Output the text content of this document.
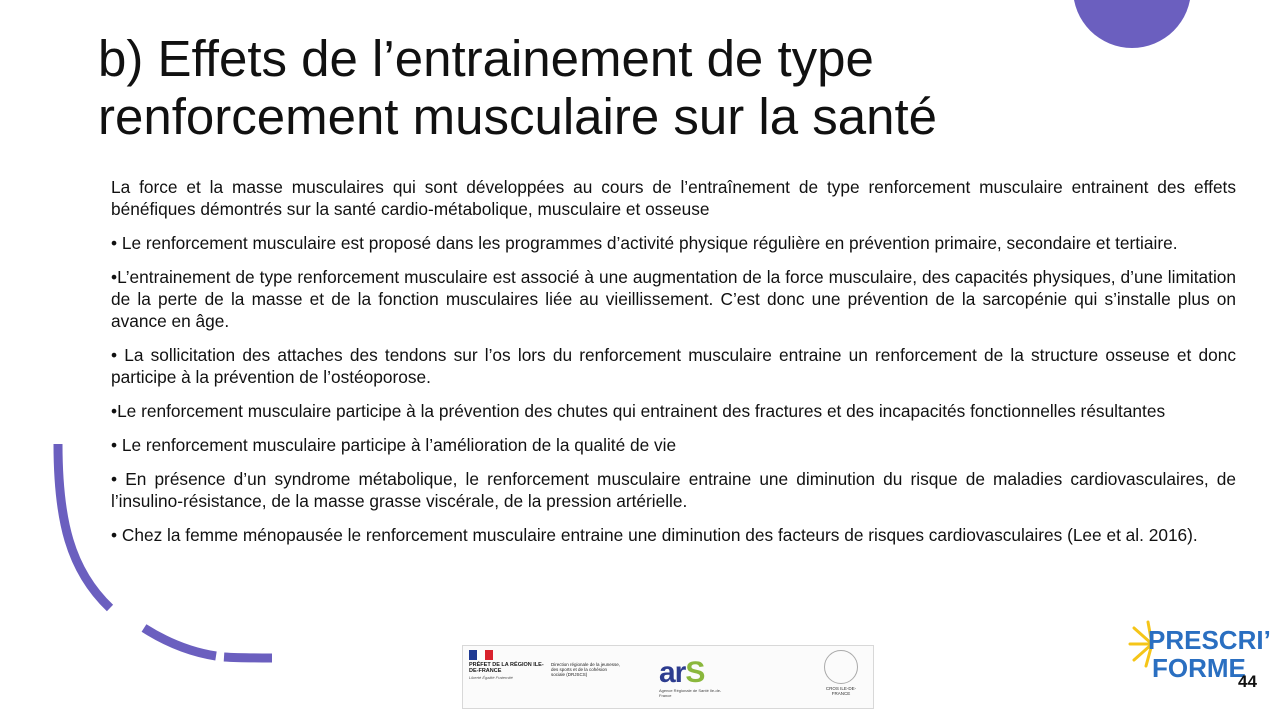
b) Effets de l’entrainement de type
renforcement musculaire sur la santé

La force et la masse musculaires qui sont développées au cours de l’entraînement de type renforcement musculaire entrainent des effets bénéfiques démontrés sur la santé cardio-métabolique, musculaire et osseuse

• Le renforcement musculaire est proposé dans les programmes d’activité physique régulière en prévention primaire, secondaire et tertiaire.

•L’entrainement de type renforcement musculaire est associé à une augmentation de la force musculaire, des capacités physiques, d’une limitation de la perte de la masse et de la fonction musculaires liée au vieillissement. C’est donc une prévention de la sarcopénie qui s’installe plus on avance en âge.

• La sollicitation des attaches des tendons sur l’os lors du renforcement musculaire entraine un renforcement de la structure osseuse et donc participe à la prévention de l’ostéoporose.

•Le renforcement musculaire participe à la prévention des chutes qui entrainent des fractures et des incapacités fonctionnelles résultantes

• Le renforcement musculaire participe à l’amélioration de la qualité de vie

• En présence d’un syndrome métabolique, le renforcement musculaire entraine une diminution du risque de maladies cardiovasculaires, de l’insulino-résistance, de la masse grasse viscérale, de la pression artérielle.

• Chez la femme ménopausée le renforcement musculaire entraine une diminution des facteurs de risques cardiovasculaires (Lee et al. 2016).

PRÉFET DE LA RÉGION ILE-DE-FRANCE
Liberté Égalité Fraternité
Direction régionale de la jeunesse, des sports et de la cohésion sociale (DRJSCS)	arS
Agence Régionale de Santé Ile-de-France
CROS ILE-DE-FRANCE
PRESCRI’
FORME
44
